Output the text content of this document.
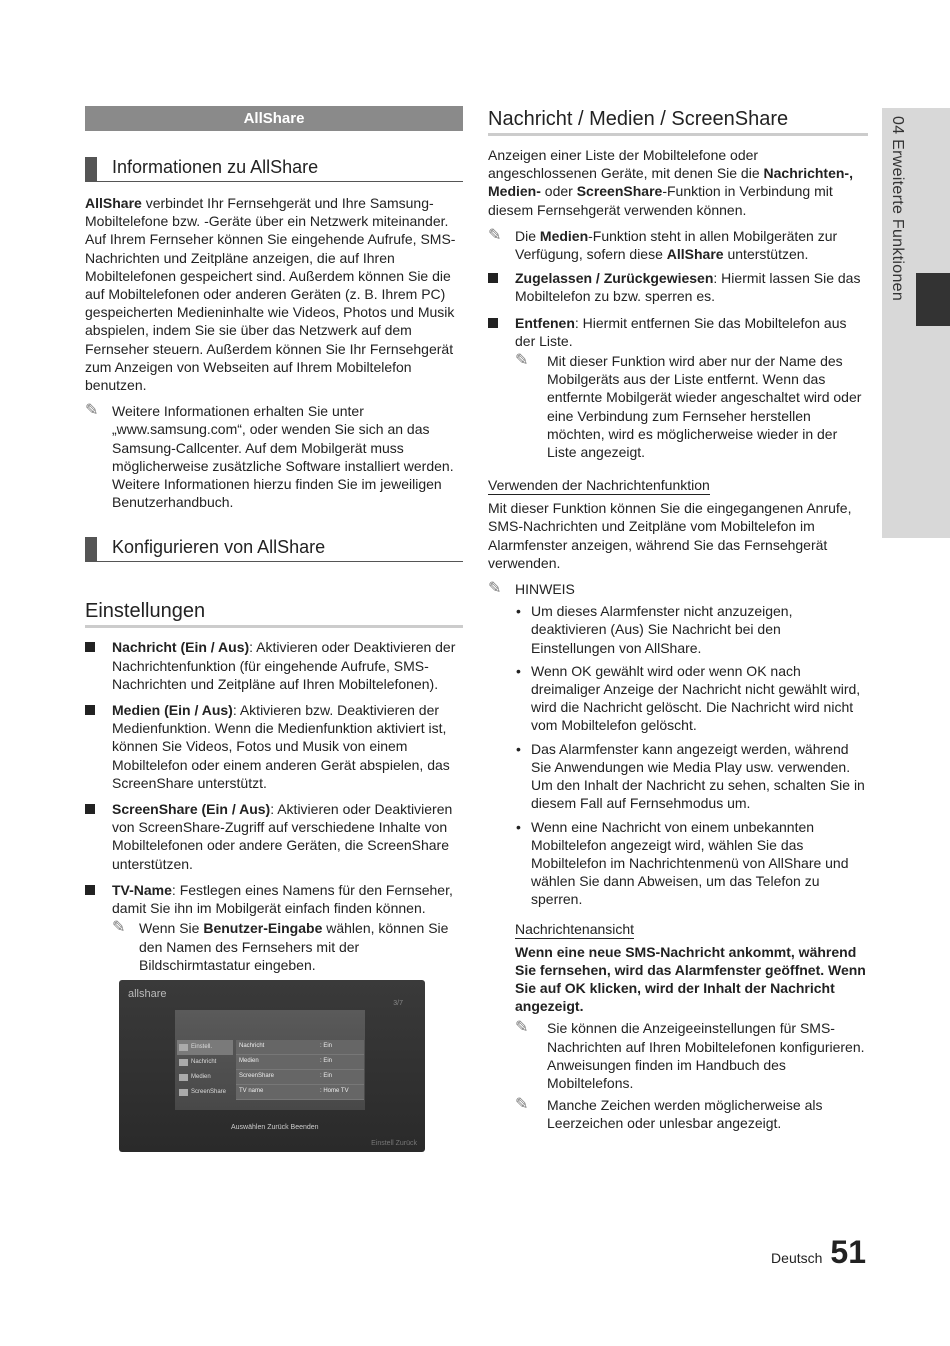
AllShare
Informationen zu AllShare

AllShare verbindet Ihr Fernsehgerät und Ihre Samsung-Mobiltelefone bzw. -Geräte über ein Netzwerk miteinander. Auf Ihrem Fernseher können Sie eingehende Aufrufe, SMS-Nachrichten und Zeitpläne anzeigen, die auf Ihren Mobiltelefonen gespeichert sind. Außerdem können Sie die auf Mobiltelefonen oder anderen Geräten (z. B. Ihrem PC) gespeicherten Medieninhalte wie Videos, Photos und Musik abspielen, indem Sie sie über das Netzwerk auf dem Fernseher steuern. Außerdem können Sie Ihr Fernsehgerät zum Anzeigen von Webseiten auf Ihrem Mobiltelefon benutzen.

✎ Weitere Informationen erhalten Sie unter „www.samsung.com“, oder wenden Sie sich an das Samsung-Callcenter. Auf dem Mobilgerät muss möglicherweise zusätzliche Software installiert werden. Weitere Informationen hierzu finden Sie im jeweiligen Benutzerhandbuch.
Konfigurieren von AllShare
Einstellungen
Nachricht (Ein / Aus): Aktivieren oder Deaktivieren der Nachrichtenfunktion (für eingehende Aufrufe, SMS-Nachrichten und Zeitpläne auf Ihren Mobiltelefonen).
Medien (Ein / Aus): Aktivieren bzw. Deaktivieren der Medienfunktion. Wenn die Medienfunktion aktiviert ist, können Sie Videos, Fotos und Musik von einem Mobiltelefon oder einem anderen Gerät abspielen, das ScreenShare unterstützt.
ScreenShare (Ein / Aus): Aktivieren oder Deaktivieren von ScreenShare-Zugriff auf verschiedene Inhalte von Mobiltelefonen oder andere Geräten, die ScreenShare unterstützen.
TV-Name: Festlegen eines Namens für den Fernseher, damit Sie ihn im Mobilgerät einfach finden können.
✎ Wenn Sie Benutzer-Eingabe wählen, können Sie den Namen des Fernsehers mit der Bildschirmtastatur eingeben.
allshare
3/7
Einstell.
Nachricht
Medien
ScreenShare
Nachricht	: Ein
Medien	: Ein
ScreenShare	: Ein
TV name	: Home TV
Auswählen Zurück Beenden
Einstell Zurück
Nachricht / Medien / ScreenShare

Anzeigen einer Liste der Mobiltelefone oder angeschlossenen Geräte, mit denen Sie die Nachrichten-, Medien- oder ScreenShare-Funktion in Verbindung mit diesem Fernsehgerät verwenden können.

✎ Die Medien-Funktion steht in allen Mobilgeräten zur Verfügung, sofern diese AllShare unterstützen.
Zugelassen / Zurückgewiesen: Hiermit lassen Sie das Mobiltelefon zu bzw. sperren es.
Entfenen: Hiermit entfernen Sie das Mobiltelefon aus der Liste.
✎ Mit dieser Funktion wird aber nur der Name des Mobilgeräts aus der Liste entfernt. Wenn das entfernte Mobilgerät wieder angeschaltet wird oder eine Verbindung zum Fernseher herstellen möchten, wird es möglicherweise wieder in der Liste angezeigt.
Verwenden der Nachrichtenfunktion

Mit dieser Funktion können Sie die eingegangenen Anrufe, SMS-Nachrichten und Zeitpläne vom Mobiltelefon im Alarmfenster anzeigen, während Sie das Fernsehgerät verwenden.

✎ HINWEIS
• Um dieses Alarmfenster nicht anzuzeigen, deaktivieren (Aus) Sie Nachricht bei den Einstellungen von AllShare.
• Wenn OK gewählt wird oder wenn OK nach dreimaliger Anzeige der Nachricht nicht gewählt wird, wird die Nachricht gelöscht. Die Nachricht wird nicht vom Mobiltelefon gelöscht.
• Das Alarmfenster kann angezeigt werden, während Sie Anwendungen wie Media Play usw. verwenden. Um den Inhalt der Nachricht zu sehen, schalten Sie in diesem Fall auf Fernsehmodus um.
• Wenn eine Nachricht von einem unbekannten Mobiltelefon angezeigt wird, wählen Sie das Mobiltelefon im Nachrichtenmenü von AllShare und wählen Sie dann Abweisen, um das Telefon zu sperren.
Nachrichtenansicht

Wenn eine neue SMS-Nachricht ankommt, während Sie fernsehen, wird das Alarmfenster geöffnet. Wenn Sie auf OK klicken, wird der Inhalt der Nachricht angezeigt.

✎ Sie können die Anzeigeeinstellungen für SMS-Nachrichten auf Ihren Mobiltelefonen konfigurieren. Anweisungen finden im Handbuch des Mobiltelefons.
✎ Manche Zeichen werden möglicherweise als Leerzeichen oder unlesbar angezeigt.
04 Erweiterte Funktionen
Deutsch 51
